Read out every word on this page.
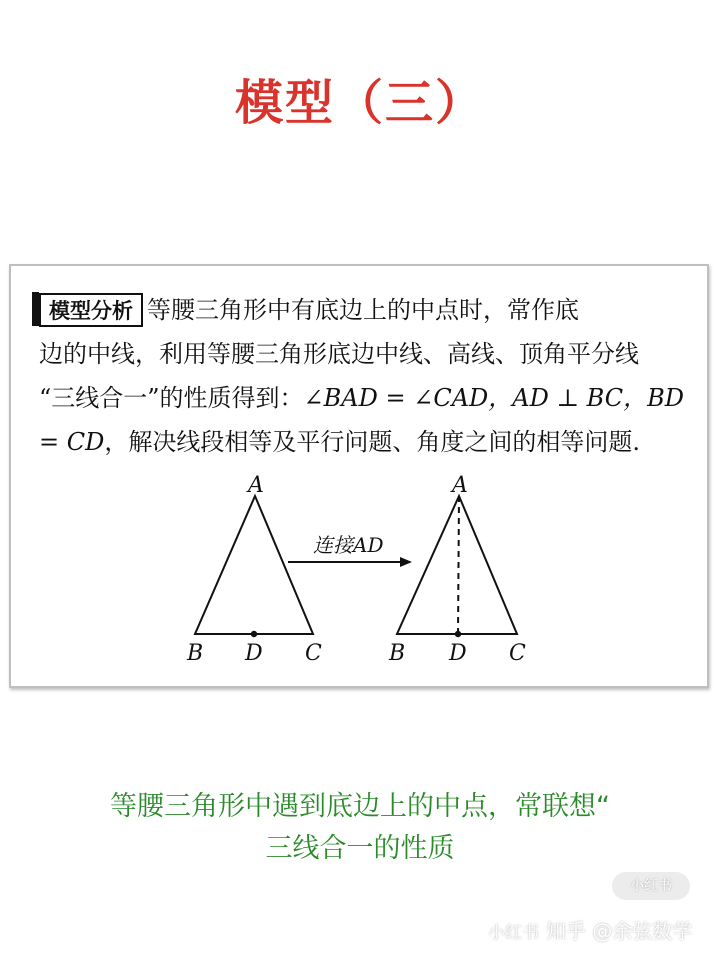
模型（三）
模型分析 等腰三角形中有底边上的中点时，常作底
边的中线，利用等腰三角形底边中线、高线、顶角平分线
“三线合一”的性质得到：∠BAD = ∠CAD，AD ⊥ BC，BD
= CD，解决线段相等及平行问题、角度之间的相等问题.
A
B D C
连接AD
A
B D C
等腰三角形中遇到底边上的中点，常联想“
三线合一的性质
小红书
小红书 知乎 @余弦数学
